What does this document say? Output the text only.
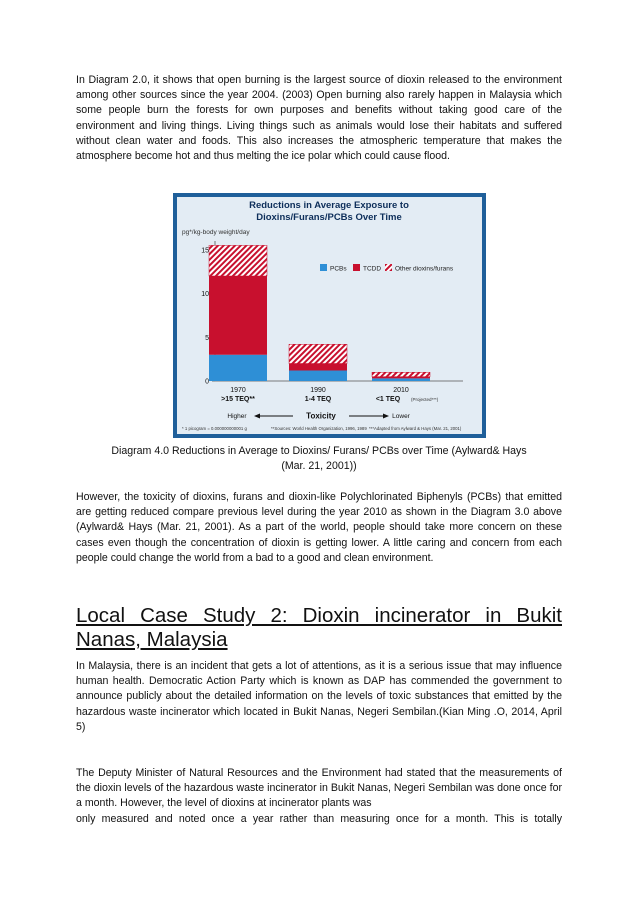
In Diagram 2.0, it shows that open burning is the largest source of dioxin released to the environment among other sources since the year 2004. (2003) Open burning also rarely happen in Malaysia which some people burn the forests for own purposes and benefits without taking good care of the environment and living things. Living things such as animals would lose their habitats and suffered without clean water and foods. This also increases the atmospheric temperature that makes the atmosphere become hot and thus melting the ice polar which could cause flood.

Reductions in Average Exposure to
Dioxins/Furans/PCBs Over Time
pg*/kg-body weight/day
0
5
10
15
PCBs	TCDD Other dioxins/furans
1970
>15 TEQ**
1990
1-4 TEQ
2010
<1 TEQ (Projected***)
Higher	Toxicity	Lower
* 1 picogram = 0.000000000001 g	**Sources: World Health Organization, 1996, 1989 ***Adapted from Aylward & Hays (Mar. 21, 2001)

Diagram 4.0 Reductions in Average to Dioxins/ Furans/ PCBs over Time (Aylward& Hays

(Mar. 21, 2001))

However, the toxicity of dioxins, furans and dioxin-like Polychlorinated Biphenyls (PCBs) that emitted are getting reduced compare previous level during the year 2010 as shown in the Diagram 3.0 above (Aylward& Hays (Mar. 21, 2001). As a part of the world, people should take more concern on these cases even though the concentration of dioxin is getting lower. A little caring and concern from each people could change the world from a bad to a good and clean environment.

Local Case Study 2: Dioxin incinerator in Bukit Nanas, Malaysia

In Malaysia, there is an incident that gets a lot of attentions, as it is a serious issue that may influence human health. Democratic Action Party which is known as DAP has commended the government to announce publicly about the detailed information on the levels of toxic substances that emitted by the hazardous waste incinerator which located in Bukit Nanas, Negeri Sembilan.(Kian Ming .O, 2014, April 5)

The Deputy Minister of Natural Resources and the Environment had stated that the measurements of the dioxin levels of the hazardous waste incinerator in Bukit Nanas, Negeri Sembilan was done once for a month. However, the level of dioxins at incinerator plants was
only measured and noted once a year rather than measuring once for a month. This is totally
